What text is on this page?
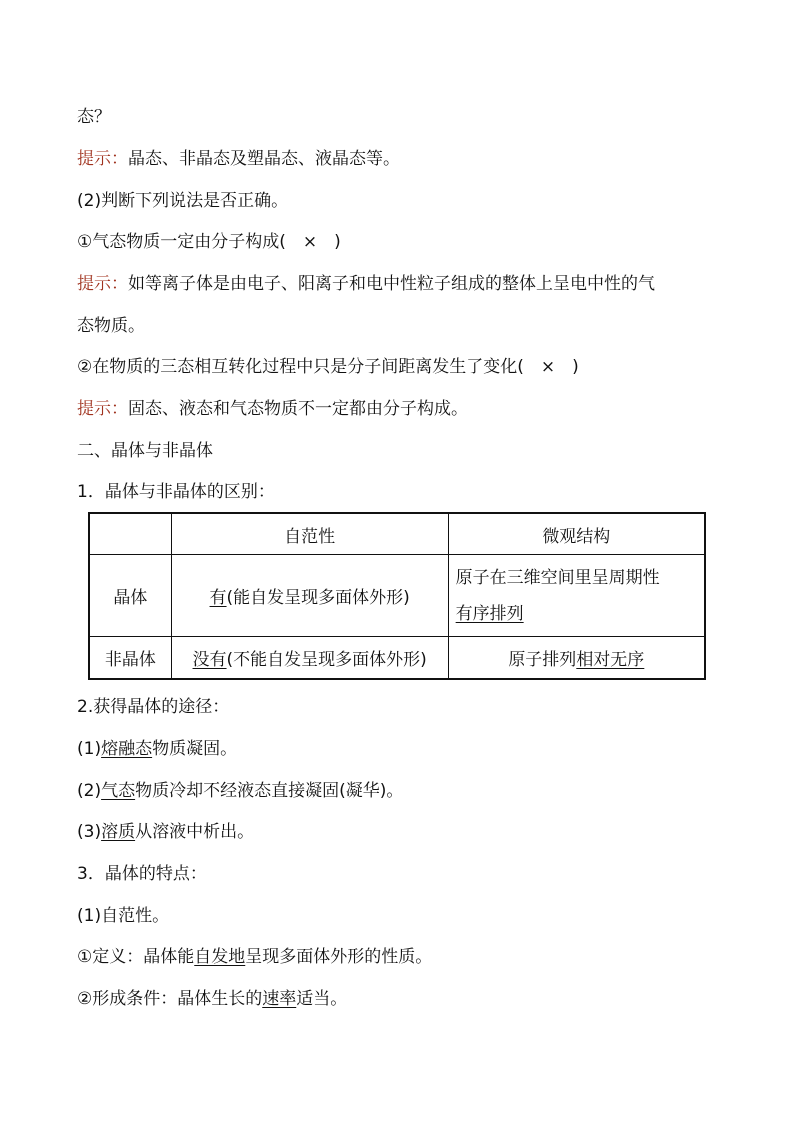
态？
提示：晶态、非晶态及塑晶态、液晶态等。
(2)判断下列说法是否正确。
①气态物质一定由分子构成(　×　)
提示：如等离子体是由电子、阳离子和电中性粒子组成的整体上呈电中性的气
态物质。
②在物质的三态相互转化过程中只是分子间距离发生了变化(　×　)
提示：固态、液态和气态物质不一定都由分子构成。
二、晶体与非晶体
1．晶体与非晶体的区别：
	自范性	微观结构
晶体	有(能自发呈现多面体外形)	原子在三维空间里呈周期性
有序排列

非晶体	没有(不能自发呈现多面体外形)	原子排列相对无序
2.获得晶体的途径：
(1)熔融态物质凝固。
(2)气态物质冷却不经液态直接凝固(凝华)。
(3)溶质从溶液中析出。
3．晶体的特点：
(1)自范性。
①定义：晶体能自发地呈现多面体外形的性质。
②形成条件：晶体生长的速率适当。
